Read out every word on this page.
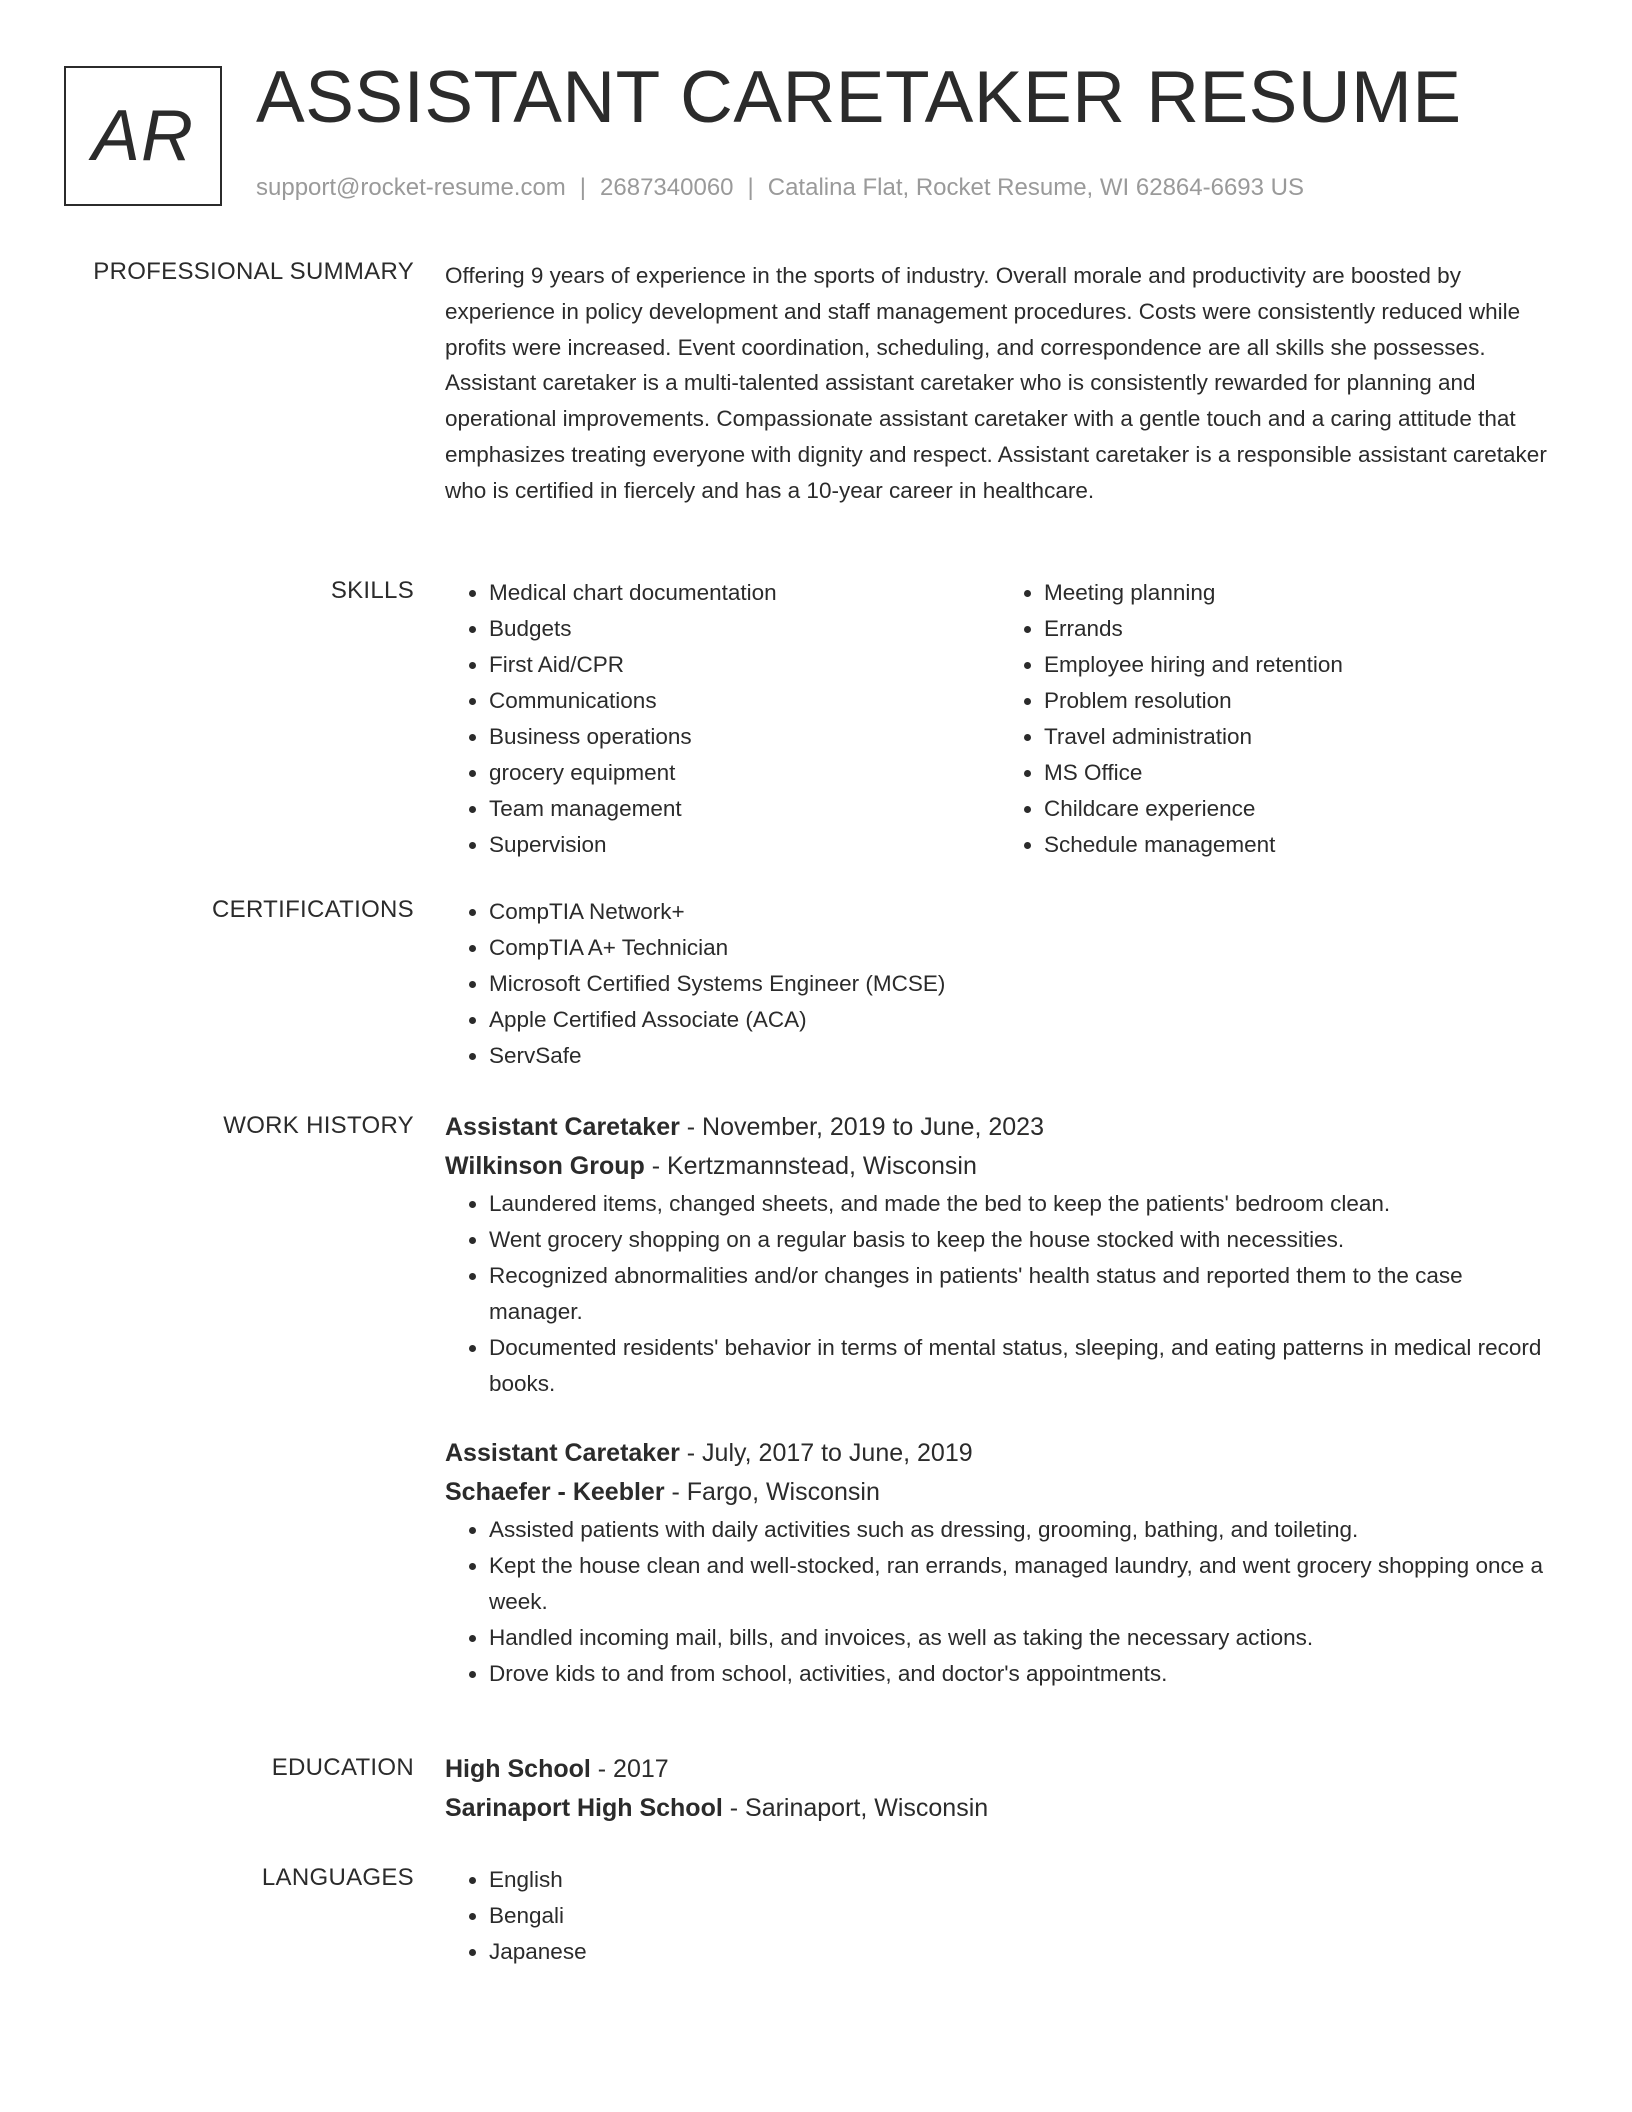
AR ASSISTANT CARETAKER RESUME
support@rocket-resume.com | 2687340060 | Catalina Flat, Rocket Resume, WI 62864-6693 US
PROFESSIONAL SUMMARY Offering 9 years of experience in the sports of industry. Overall morale and productivity are boosted by experience in policy development and staff management procedures. Costs were consistently reduced while profits were increased. Event coordination, scheduling, and correspondence are all skills she possesses. Assistant caretaker is a multi-talented assistant caretaker who is consistently rewarded for planning and operational improvements. Compassionate assistant caretaker with a gentle touch and a caring attitude that emphasizes treating everyone with dignity and respect. Assistant caretaker is a responsible assistant caretaker who is certified in fiercely and has a 10-year career in healthcare.
SKILLS	• Medical chart documentation
• Budgets
• First Aid/CPR
• Communications
• Business operations
• grocery equipment
• Team management
• Supervision
• Meeting planning
• Errands
• Employee hiring and retention
• Problem resolution
• Travel administration
• MS Office
• Childcare experience
• Schedule management
CERTIFICATIONS	• CompTIA Network+
• CompTIA A+ Technician
• Microsoft Certified Systems Engineer (MCSE)
• Apple Certified Associate (ACA)
• ServSafe
WORK HISTORY Assistant Caretaker - November, 2019 to June, 2023
Wilkinson Group - Kertzmannstead, Wisconsin
• Laundered items, changed sheets, and made the bed to keep the patients' bedroom clean.
• Went grocery shopping on a regular basis to keep the house stocked with necessities.
• Recognized abnormalities and/or changes in patients' health status and reported them to the case manager.
• Documented residents' behavior in terms of mental status, sleeping, and eating patterns in medical record books.
Assistant Caretaker - July, 2017 to June, 2019
Schaefer - Keebler - Fargo, Wisconsin
• Assisted patients with daily activities such as dressing, grooming, bathing, and toileting.
• Kept the house clean and well-stocked, ran errands, managed laundry, and went grocery shopping once a week.
• Handled incoming mail, bills, and invoices, as well as taking the necessary actions.
• Drove kids to and from school, activities, and doctor's appointments.
EDUCATION High School - 2017
Sarinaport High School - Sarinaport, Wisconsin
LANGUAGES	• English
• Bengali
• Japanese
